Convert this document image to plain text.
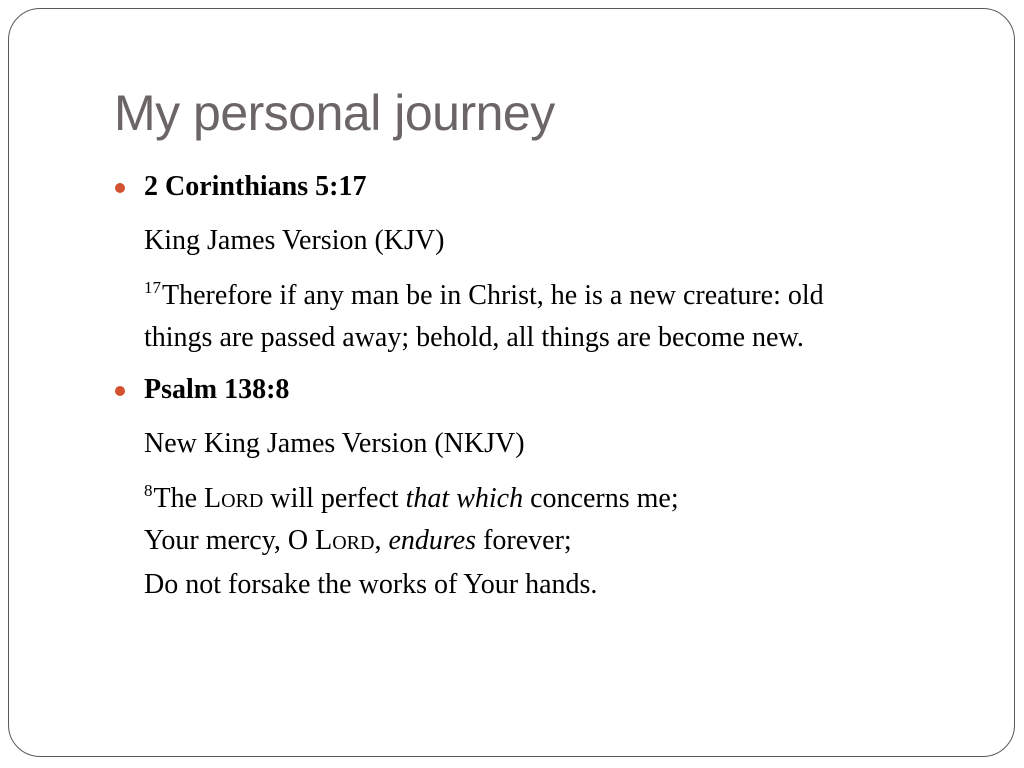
My personal journey
2 Corinthians 5:17
King James Version (KJV)
$^{17}$Therefore if any man be in Christ, he is a new creature: old
things are passed away; behold, all things are become new.
Psalm 138:8
New King James Version (NKJV)
$^8$The Lord will perfect that which concerns me;
Your mercy, O Lord, endures forever;
Do not forsake the works of Your hands.
